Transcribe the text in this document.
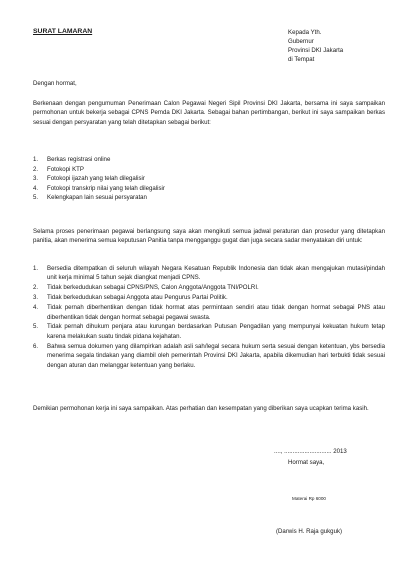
SURAT LAMARAN	Kepada Yth.
Gubernur
Provinsi DKI Jakarta
di Tempat
Dengan hormat,
Berkenaan dengan pengumuman Penerimaan Calon Pegawai Negeri Sipil Provinsi DKI Jakarta, bersama ini saya sampaikan permohonan untuk bekerja sebagai CPNS Pemda DKI Jakarta. Sebagai bahan pertimbangan, berikut ini saya sampaikan berkas sesuai dengan persyaratan yang telah ditetapkan sebagai berikut:
1. Berkas registrasi online
2. Fotokopi KTP
3. Fotokopi ijazah yang telah dilegalisir
4. Fotokopi transkrip nilai yang telah dilegalisir
5. Kelengkapan lain sesuai persyaratan
Selama proses penerimaan pegawai berlangsung saya akan mengikuti semua jadwal peraturan dan prosedur yang ditetapkan panitia, akan menerima semua keputusan Panitia tanpa mengganggu gugat dan juga secara sadar menyatakan diri untuk:
1. Bersedia ditempatkan di seluruh wilayah Negara Kesatuan Republik Indonesia dan tidak akan mengajukan mutasi/pindah unit kerja minimal 5 tahun sejak diangkat menjadi CPNS.
2. Tidak berkedudukan sebagai CPNS/PNS, Calon Anggota/Anggota TNI/POLRI.
3. Tidak berkedudukan sebagai Anggota atau Pengurus Partai Politik.
4. Tidak pernah diberhentikan dengan tidak hormat atas permintaan sendiri atau tidak dengan hormat sebagai PNS atau diberhentikan tidak dengan hormat sebagai pegawai swasta.
5. Tidak pernah dihukum penjara atau kurungan berdasarkan Putusan Pengadilan yang mempunyai kekuatan hukum tetap karena melakukan suatu tindak pidana kejahatan.
6. Bahwa semua dokumen yang dilampirkan adalah asli sah/legal secara hukum serta sesuai dengan ketentuan, ybs bersedia menerima segala tindakan yang diambil oleh pemerintah Provinsi DKI Jakarta, apabila dikemudian hari terbukti tidak sesuai dengan aturan dan melanggar ketentuan yang berlaku.
Demikian permohonan kerja ini saya sampaikan. Atas perhatian dan kesempatan yang diberikan saya ucapkan terima kasih.
...., ............................ 2013
Hormat saya,
Materai Rp 6000
(Darwis H. Raja gukguk)
